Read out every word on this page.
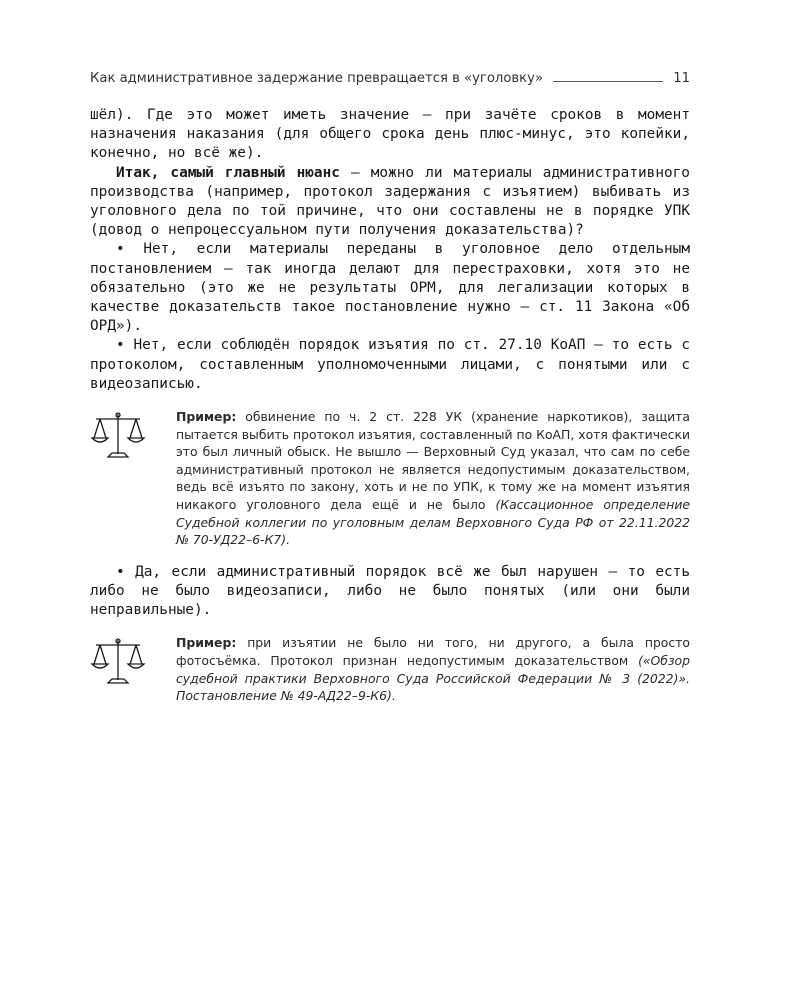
Как административное задержание превращается в «уголовку»	11

шёл). Где это может иметь значение — при зачёте сроков в момент назначения наказания (для общего срока день плюс-минус, это копейки, конечно, но всё же).

Итак, самый главный нюанс — можно ли материалы административного производства (например, протокол задержания с изъятием) выбивать из уголовного дела по той причине, что они составлены не в порядке УПК (довод о непроцессуальном пути получения доказательства)?

• Нет, если материалы переданы в уголовное дело отдельным постановлением — так иногда делают для перестраховки, хотя это не обязательно (это же не результаты ОРМ, для легализации которых в качестве доказательств такое постановление нужно — ст. 11 Закона «Об ОРД»).

• Нет, если соблюдён порядок изъятия по ст. 27.10 КоАП — то есть с протоколом, составленным уполномоченными лицами, с понятыми или с видеозаписью.

Пример: обвинение по ч. 2 ст. 228 УК (хранение наркотиков), защита пытается выбить протокол изъятия, составленный по КоАП, хотя фактически это был личный обыск. Не вышло — Верховный Суд указал, что сам по себе административный протокол не является недопустимым доказательством, ведь всё изъято по закону, хоть и не по УПК, к тому же на момент изъятия никакого уголовного дела ещё и не было (Кассационное определение Судебной коллегии по уголовным делам Верховного Суда РФ от 22.11.2022 № 70-УД22–6-К7).

• Да, если административный порядок всё же был нарушен — то есть либо не было видеозаписи, либо не было понятых (или они были неправильные).

Пример: при изъятии не было ни того, ни другого, а была просто фотосъёмка. Протокол признан недопустимым доказательством («Обзор судебной практики Верховного Суда Российской Федерации № 3 (2022)». Постановление № 49-АД22–9-К6).
